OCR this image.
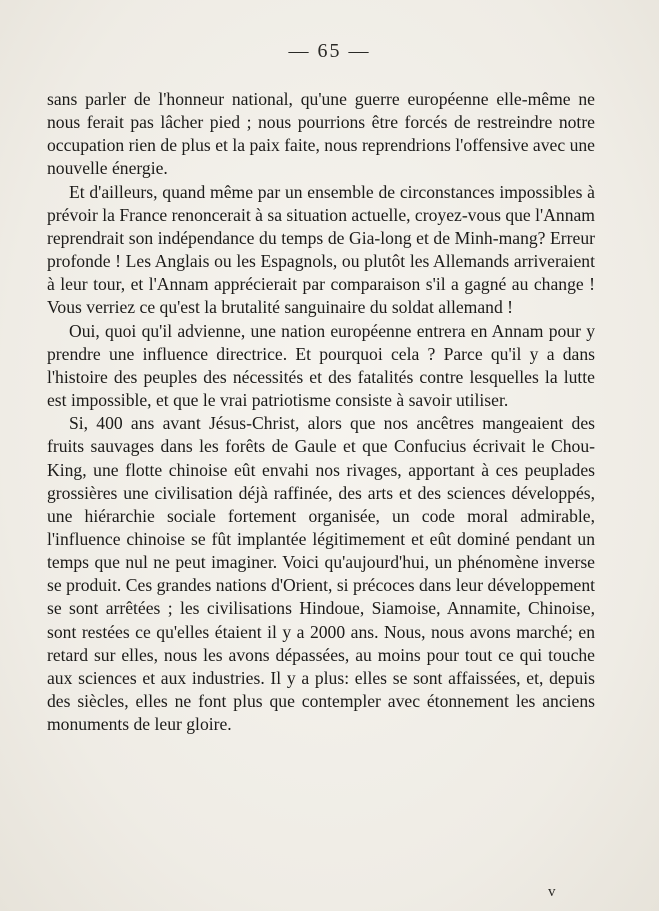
— 65 —

sans parler de l'honneur national, qu'une guerre européenne elle-même ne nous ferait pas lâcher pied ; nous pourrions être forcés de restreindre notre occupation rien de plus et la paix faite, nous reprendrions l'offensive avec une nouvelle énergie.

Et d'ailleurs, quand même par un ensemble de circonstances impossibles à prévoir la France renoncerait à sa situation actuelle, croyez-vous que l'Annam reprendrait son indépendance du temps de Gia-long et de Minh-mang? Erreur profonde ! Les Anglais ou les Espagnols, ou plutôt les Allemands arriveraient à leur tour, et l'Annam apprécierait par comparaison s'il a gagné au change ! Vous verriez ce qu'est la brutalité sanguinaire du soldat allemand !

Oui, quoi qu'il advienne, une nation européenne entrera en Annam pour y prendre une influence directrice. Et pourquoi cela ? Parce qu'il y a dans l'histoire des peuples des nécessités et des fatalités contre lesquelles la lutte est impossible, et que le vrai patriotisme consiste à savoir utiliser.

Si, 400 ans avant Jésus-Christ, alors que nos ancêtres mangeaient des fruits sauvages dans les forêts de Gaule et que Confucius écrivait le Chou-King, une flotte chinoise eût envahi nos rivages, apportant à ces peuplades grossières une civilisation déjà raffinée, des arts et des sciences développés, une hiérarchie sociale fortement organisée, un code moral admirable, l'influence chinoise se fût implantée légitimement et eût dominé pendant un temps que nul ne peut imaginer. Voici qu'aujourd'hui, un phénomène inverse se produit. Ces grandes nations d'Orient, si précoces dans leur développement se sont arrêtées ; les civilisations Hindoue, Siamoise, Annamite, Chinoise, sont restées ce qu'elles étaient il y a 2000 ans. Nous, nous avons marché; en retard sur elles, nous les avons dépassées, au moins pour tout ce qui touche aux sciences et aux industries. Il y a plus: elles se sont affaissées, et, depuis des siècles, elles ne font plus que contempler avec étonnement les anciens monuments de leur gloire.

v
